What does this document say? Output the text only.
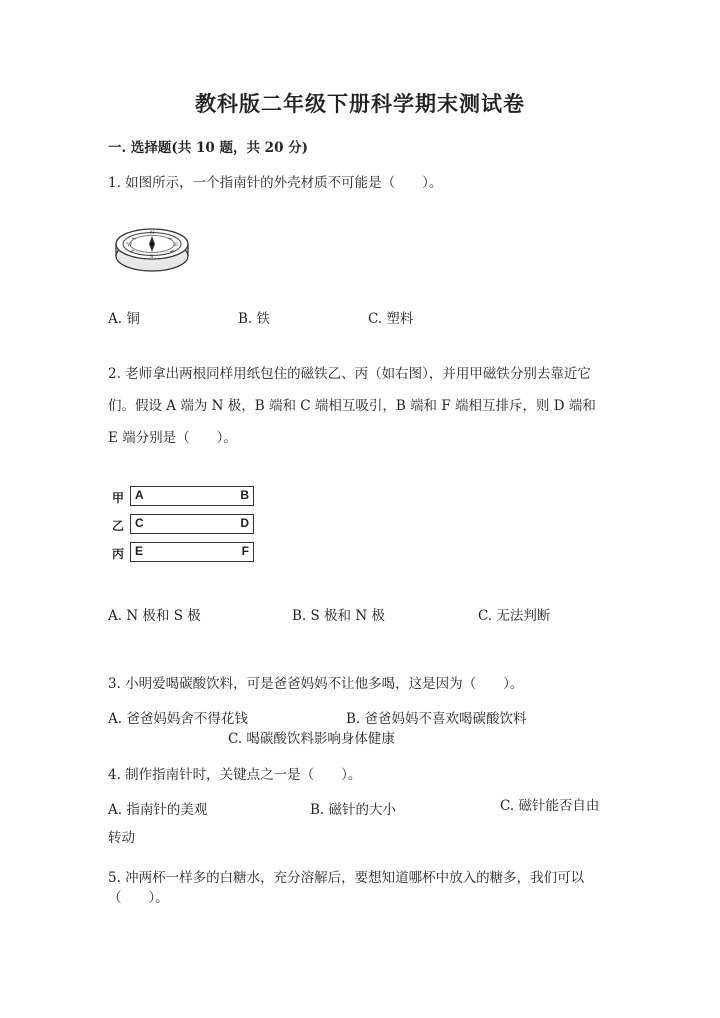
教科版二年级下册科学期末测试卷
一. 选择题(共 10 题，共 20 分)
1. 如图所示，一个指南针的外壳材质不可能是（　　）。
N
S
W	E
A. 铜	B. 铁	C. 塑料
2. 老师拿出两根同样用纸包住的磁铁乙、丙（如右图），并用甲磁铁分别去靠近它们。假设 A 端为 N 极，B 端和 C 端相互吸引，B 端和 F 端相互排斥，则 D 端和 E 端分别是（　　）。
甲 A	B
乙 C	D
丙 E	F
A. N 极和 S 极	B. S 极和 N 极	C. 无法判断
3. 小明爱喝碳酸饮料，可是爸爸妈妈不让他多喝，这是因为（　　）。
A. 爸爸妈妈舍不得花钱	B. 爸爸妈妈不喜欢喝碳酸饮料
C. 喝碳酸饮料影响身体健康
4. 制作指南针时，关键点之一是（　　）。
A. 指南针的美观	B. 磁针的大小	C. 磁针能否自由转动
5. 冲两杯一样多的白糖水，充分溶解后，要想知道哪杯中放入的糖多，我们可以（　　）。
